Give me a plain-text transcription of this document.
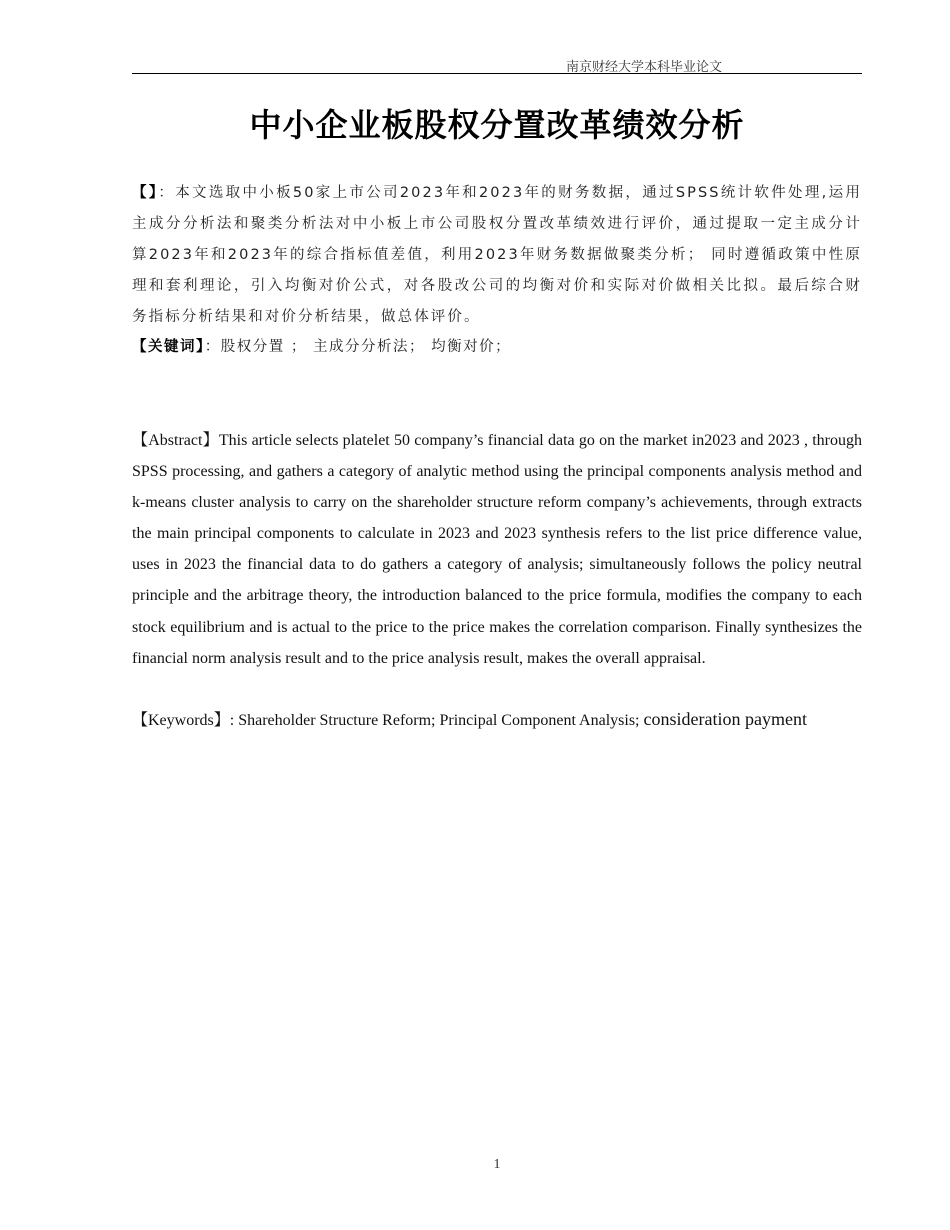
南京财经大学本科毕业论文
中小企业板股权分置改革绩效分析
【】：本文选取中小板50家上市公司2023年和2023年的财务数据，通过SPSS统计软件处理,运用主成分分析法和聚类分析法对中小板上市公司股权分置改革绩效进行评价，通过提取一定主成分计算2023年和2023年的综合指标值差值，利用2023年财务数据做聚类分析； 同时遵循政策中性原理和套利理论，引入均衡对价公式，对各股改公司的均衡对价和实际对价做相关比拟。最后综合财务指标分析结果和对价分析结果，做总体评价。
【关键词】：股权分置 ； 主成分分析法； 均衡对价；
【Abstract】This article selects platelet 50 company’s financial data go on the market in2023 and 2023 , through SPSS processing, and gathers a category of analytic method using the principal components analysis method and k-means cluster analysis to carry on the shareholder structure reform company’s achievements, through extracts the main principal components to calculate in 2023 and 2023 synthesis refers to the list price difference value, uses in 2023 the financial data to do gathers a category of analysis; simultaneously follows the policy neutral principle and the arbitrage theory, the introduction balanced to the price formula, modifies the company to each stock equilibrium and is actual to the price to the price makes the correlation comparison. Finally synthesizes the financial norm analysis result and to the price analysis result, makes the overall appraisal.
【Keywords】: Shareholder Structure Reform; Principal Component Analysis; consideration payment
1
